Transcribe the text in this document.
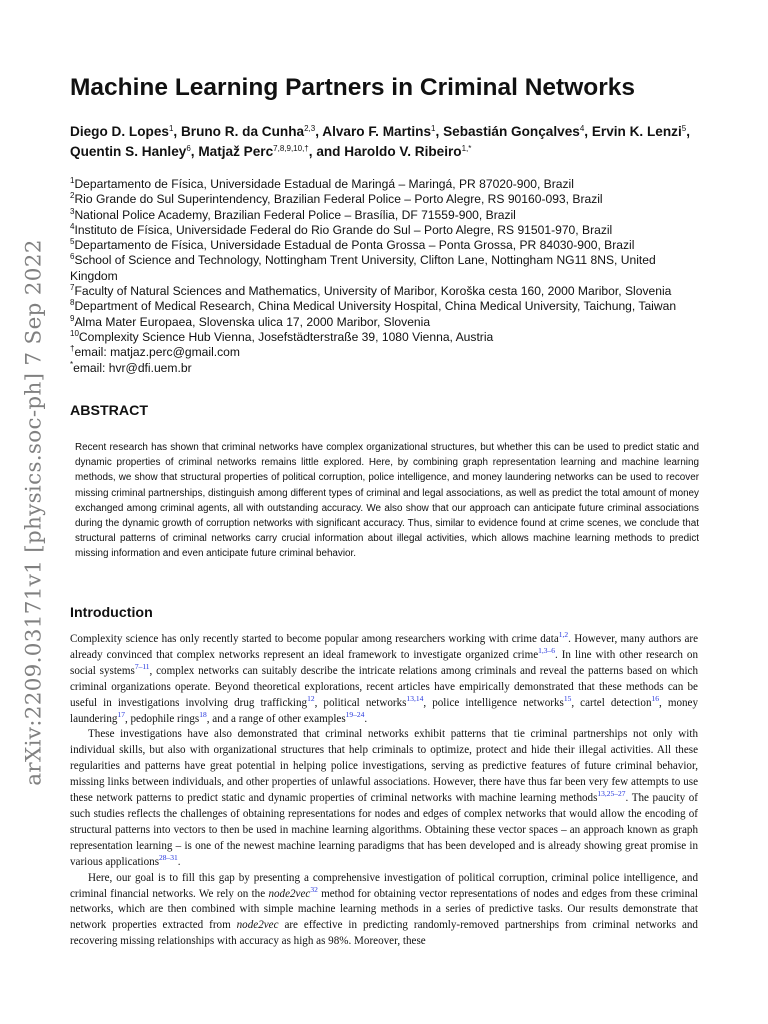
arXiv:2209.03171v1 [physics.soc-ph] 7 Sep 2022
Machine Learning Partners in Criminal Networks

Diego D. Lopes$^1$, Bruno R. da Cunha$^{2,3}$, Alvaro F. Martins$^1$, Sebastián Gonçalves$^4$, Ervin K. Lenzi$^5$, Quentin S. Hanley$^6$, Matjaž Perc$^{7,8,9,10,\dagger}$, and Haroldo V. Ribeiro$^{1,*}$

$^1$Departamento de Física, Universidade Estadual de Maringá – Maringá, PR 87020-900, Brazil

$^2$Rio Grande do Sul Superintendency, Brazilian Federal Police – Porto Alegre, RS 90160-093, Brazil

$^3$National Police Academy, Brazilian Federal Police – Brasília, DF 71559-900, Brazil

$^4$Instituto de Física, Universidade Federal do Rio Grande do Sul – Porto Alegre, RS 91501-970, Brazil

$^5$Departamento de Física, Universidade Estadual de Ponta Grossa – Ponta Grossa, PR 84030-900, Brazil

$^6$School of Science and Technology, Nottingham Trent University, Clifton Lane, Nottingham NG11 8NS, United Kingdom

$^7$Faculty of Natural Sciences and Mathematics, University of Maribor, Koroška cesta 160, 2000 Maribor, Slovenia

$^8$Department of Medical Research, China Medical University Hospital, China Medical University, Taichung, Taiwan

$^9$Alma Mater Europaea, Slovenska ulica 17, 2000 Maribor, Slovenia

$^{10}$Complexity Science Hub Vienna, Josefstädterstraße 39, 1080 Vienna, Austria

†email: matjaz.perc@gmail.com

*email: hvr@dfi.uem.br

ABSTRACT

Recent research has shown that criminal networks have complex organizational structures, but whether this can be used to predict static and dynamic properties of criminal networks remains little explored. Here, by combining graph representation learning and machine learning methods, we show that structural properties of political corruption, police intelligence, and money laundering networks can be used to recover missing criminal partnerships, distinguish among different types of criminal and legal associations, as well as predict the total amount of money exchanged among criminal agents, all with outstanding accuracy. We also show that our approach can anticipate future criminal associations during the dynamic growth of corruption networks with significant accuracy. Thus, similar to evidence found at crime scenes, we conclude that structural patterns of criminal networks carry crucial information about illegal activities, which allows machine learning methods to predict missing information and even anticipate future criminal behavior.

Introduction

Complexity science has only recently started to become popular among researchers working with crime data$^{1,2}$. However, many authors are already convinced that complex networks represent an ideal framework to investigate organized crime$^{1,3-6}$. In line with other research on social systems$^{7-11}$, complex networks can suitably describe the intricate relations among criminals and reveal the patterns based on which criminal organizations operate. Beyond theoretical explorations, recent articles have empirically demonstrated that these methods can be useful in investigations involving drug trafficking$^{12}$, political networks$^{13,14}$, police intelligence networks$^{15}$, cartel detection$^{16}$, money laundering$^{17}$, pedophile rings$^{18}$, and a range of other examples$^{19-24}$.

These investigations have also demonstrated that criminal networks exhibit patterns that tie criminal partnerships not only with individual skills, but also with organizational structures that help criminals to optimize, protect and hide their illegal activities. All these regularities and patterns have great potential in helping police investigations, serving as predictive features of future criminal behavior, missing links between individuals, and other properties of unlawful associations. However, there have thus far been very few attempts to use these network patterns to predict static and dynamic properties of criminal networks with machine learning methods$^{13,25-27}$. The paucity of such studies reflects the challenges of obtaining representations for nodes and edges of complex networks that would allow the encoding of structural patterns into vectors to then be used in machine learning algorithms. Obtaining these vector spaces – an approach known as graph representation learning – is one of the newest machine learning paradigms that has been developed and is already showing great promise in various applications$^{28-31}$.

Here, our goal is to fill this gap by presenting a comprehensive investigation of political corruption, criminal police intelligence, and criminal financial networks. We rely on the node2vec$^{32}$ method for obtaining vector representations of nodes and edges from these criminal networks, which are then combined with simple machine learning methods in a series of predictive tasks. Our results demonstrate that network properties extracted from node2vec are effective in predicting randomly-removed partnerships from criminal networks and recovering missing relationships with accuracy as high as 98%. Moreover, these
